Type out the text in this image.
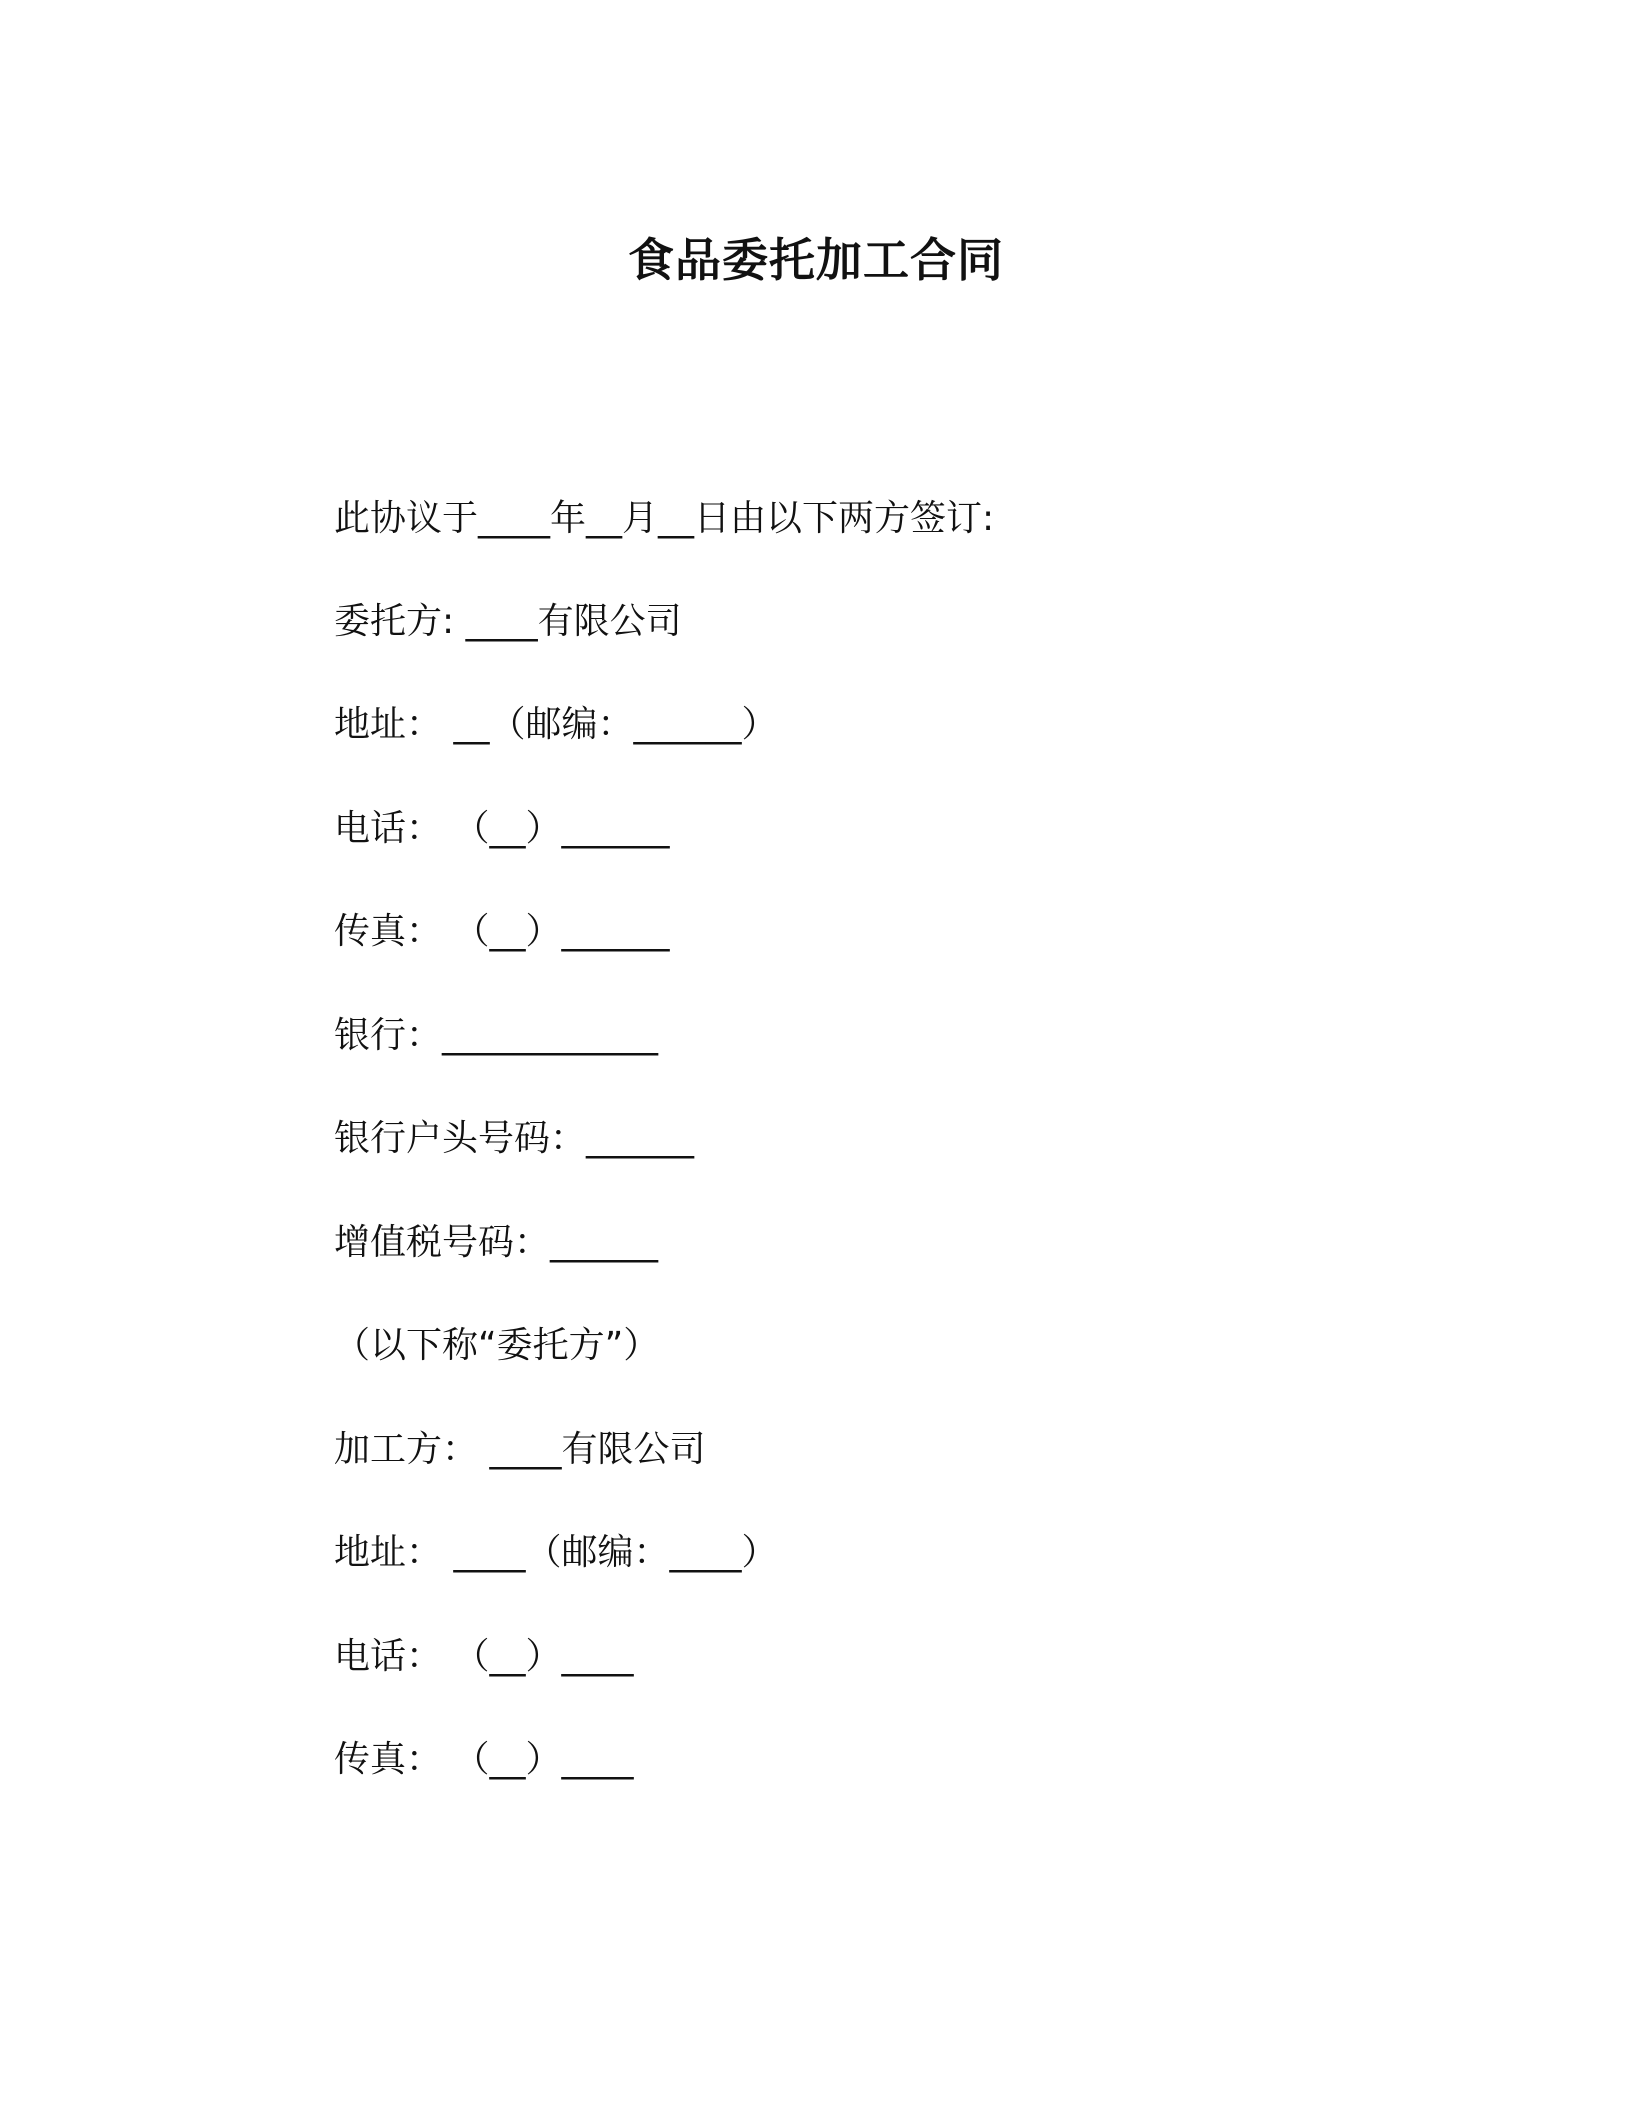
食品委托加工合同
此协议于____年__月__日由以下两方签订:
委托方: ____有限公司
地址： __（邮编：______）
电话： （__）______
传真： （__）______
银行：____________
银行户头号码：______
增值税号码：______
（以下称“委托方”）
加工方： ____有限公司
地址： ____（邮编：____）
电话： （__）____
传真： （__）____
